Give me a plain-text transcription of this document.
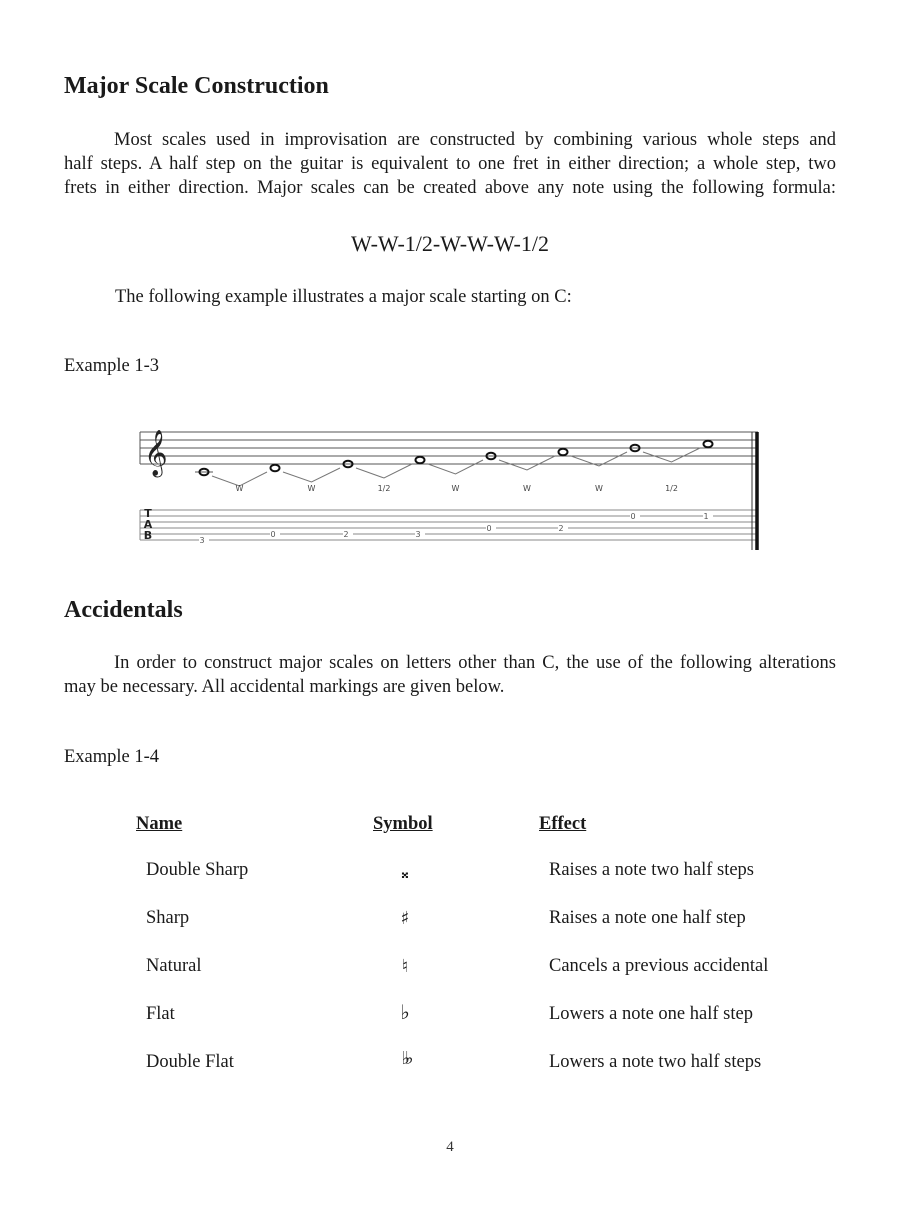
Major Scale Construction

Most scales used in improvisation are constructed by combining various whole steps and
half steps. A half step on the guitar is equivalent to one fret in either direction; a whole step, two
frets in either direction. Major scales can be created above any note using the following formula:

W-W-1/2-W-W-W-1/2

The following example illustrates a major scale starting on C:

Example 1-3
𝄞
W	W	1/2	W	W	W	1/2
T
A
B	3
0	2	3
0	2
0	1
Accidentals

In order to construct major scales on letters other than C, the use of the following alterations
may be necessary. All accidental markings are given below.

Example 1-4
Name	Symbol	Effect
Double Sharp	𝄪	Raises a note two half steps
Sharp	♯	Raises a note one half step
Natural	♮	Cancels a previous accidental
Flat	♭	Lowers a note one half step
Double Flat	♭♭	Lowers a note two half steps
4
